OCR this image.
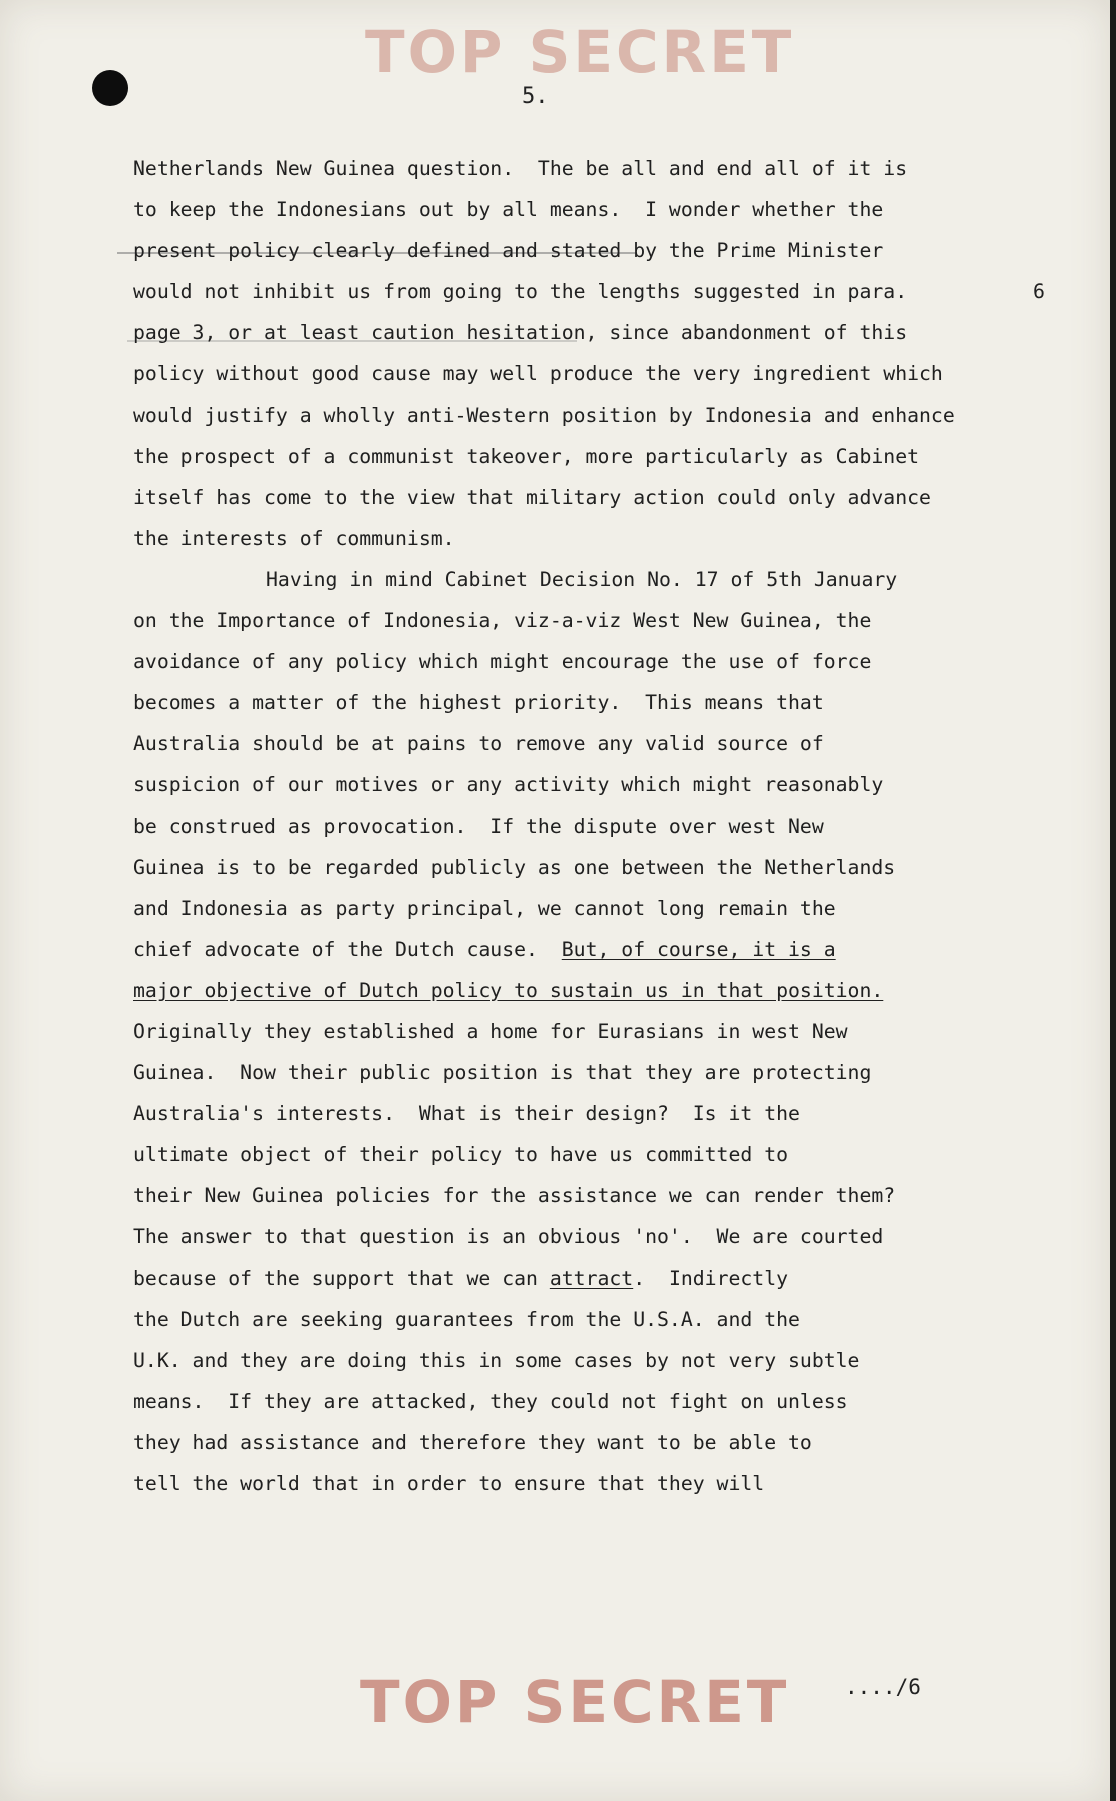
TOP SECRET
5.
Netherlands New Guinea question.  The be all and end all of it is
to keep the Indonesians out by all means.  I wonder whether the
present policy clearly defined and stated by the Prime Minister
would not inhibit us from going to the lengths suggested in para.	6
page 3, or at least caution hesitation, since abandonment of this
policy without good cause may well produce the very ingredient which
would justify a wholly anti-Western position by Indonesia and enhance
the prospect of a communist takeover, more particularly as Cabinet
itself has come to the view that military action could only advance
the interests of communism.
Having in mind Cabinet Decision No. 17 of 5th January
on the Importance of Indonesia, viz-a-viz West New Guinea, the
avoidance of any policy which might encourage the use of force
becomes a matter of the highest priority.  This means that
Australia should be at pains to remove any valid source of
suspicion of our motives or any activity which might reasonably
be construed as provocation.  If the dispute over west New
Guinea is to be regarded publicly as one between the Netherlands
and Indonesia as party principal, we cannot long remain the
chief advocate of the Dutch cause. But, of course, it is a
major objective of Dutch policy to sustain us in that position.
Originally they established a home for Eurasians in west New
Guinea.  Now their public position is that they are protecting
Australia's interests.  What is their design?  Is it the
ultimate object of their policy to have us committed to
their New Guinea policies for the assistance we can render them?
The answer to that question is an obvious 'no'.  We are courted
because of the support that we can attract.  Indirectly
the Dutch are seeking guarantees from the U.S.A. and the
U.K. and they are doing this in some cases by not very subtle
means.  If they are attacked, they could not fight on unless
they had assistance and therefore they want to be able to
tell the world that in order to ensure that they will
TOP SECRET	..../6
